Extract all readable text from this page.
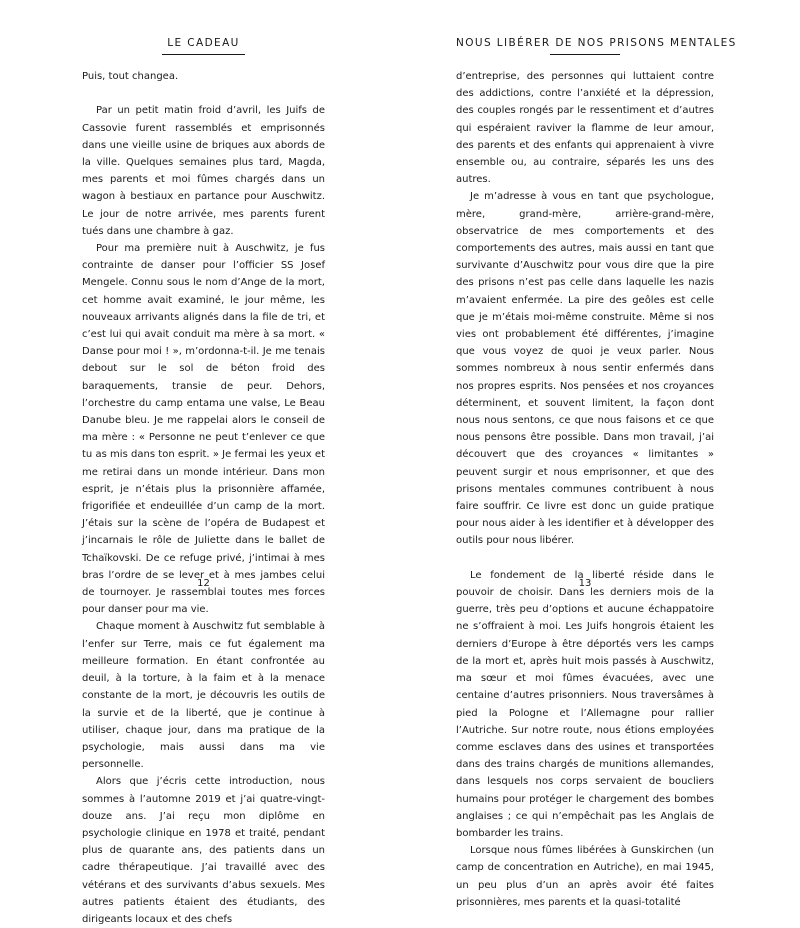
LE CADEAU

Puis, tout changea.

Par un petit matin froid d’avril, les Juifs de Cassovie furent rassemblés et emprisonnés dans une vieille usine de briques aux abords de la ville. Quelques semaines plus tard, Magda, mes parents et moi fûmes chargés dans un wagon à bestiaux en partance pour Auschwitz. Le jour de notre arrivée, mes parents furent tués dans une chambre à gaz.

Pour ma première nuit à Auschwitz, je fus contrainte de danser pour l’officier SS Josef Mengele. Connu sous le nom d’Ange de la mort, cet homme avait examiné, le jour même, les nouveaux arrivants alignés dans la file de tri, et c’est lui qui avait conduit ma mère à sa mort. « Danse pour moi ! », m’ordonna-t-il. Je me tenais debout sur le sol de béton froid des baraquements, transie de peur. Dehors, l’orchestre du camp entama une valse, Le Beau Danube bleu. Je me rappelai alors le conseil de ma mère : « Personne ne peut t’enlever ce que tu as mis dans ton esprit. » Je fermai les yeux et me retirai dans un monde intérieur. Dans mon esprit, je n’étais plus la prisonnière affamée, frigorifiée et endeuillée d’un camp de la mort. J’étais sur la scène de l’opéra de Budapest et j’incarnais le rôle de Juliette dans le ballet de Tchaïkovski. De ce refuge privé, j’intimai à mes bras l’ordre de se lever et à mes jambes celui de tournoyer. Je rassemblai toutes mes forces pour danser pour ma vie.

Chaque moment à Auschwitz fut semblable à l’enfer sur Terre, mais ce fut également ma meilleure formation. En étant confrontée au deuil, à la torture, à la faim et à la menace constante de la mort, je découvris les outils de la survie et de la liberté, que je continue à utiliser, chaque jour, dans ma pratique de la psychologie, mais aussi dans ma vie personnelle.

Alors que j’écris cette introduction, nous sommes à l’automne 2019 et j’ai quatre-vingt-douze ans. J’ai reçu mon diplôme en psychologie clinique en 1978 et traité, pendant plus de quarante ans, des patients dans un cadre thérapeutique. J’ai travaillé avec des vétérans et des survivants d’abus sexuels. Mes autres patients étaient des étudiants, des dirigeants locaux et des chefs

12
NOUS LIBÉRER DE NOS PRISONS MENTALES

d’entreprise, des personnes qui luttaient contre des addictions, contre l’anxiété et la dépression, des couples rongés par le ressentiment et d’autres qui espéraient raviver la flamme de leur amour, des parents et des enfants qui apprenaient à vivre ensemble ou, au contraire, séparés les uns des autres.

Je m’adresse à vous en tant que psychologue, mère, grand-mère, arrière-grand-mère, observatrice de mes comportements et des comportements des autres, mais aussi en tant que survivante d’Auschwitz pour vous dire que la pire des prisons n’est pas celle dans laquelle les nazis m’avaient enfermée. La pire des geôles est celle que je m’étais moi-même construite. Même si nos vies ont probablement été différentes, j’imagine que vous voyez de quoi je veux parler. Nous sommes nombreux à nous sentir enfermés dans nos propres esprits. Nos pensées et nos croyances déterminent, et souvent limitent, la façon dont nous nous sentons, ce que nous faisons et ce que nous pensons être possible. Dans mon travail, j’ai découvert que des croyances « limitantes » peuvent surgir et nous emprisonner, et que des prisons mentales communes contribuent à nous faire souffrir. Ce livre est donc un guide pratique pour nous aider à les identifier et à développer des outils pour nous libérer.

Le fondement de la liberté réside dans le pouvoir de choisir. Dans les derniers mois de la guerre, très peu d’options et aucune échappatoire ne s’offraient à moi. Les Juifs hongrois étaient les derniers d’Europe à être déportés vers les camps de la mort et, après huit mois passés à Auschwitz, ma sœur et moi fûmes évacuées, avec une centaine d’autres prisonniers. Nous traversâmes à pied la Pologne et l’Allemagne pour rallier l’Autriche. Sur notre route, nous étions employées comme esclaves dans des usines et transportées dans des trains chargés de munitions allemandes, dans lesquels nos corps servaient de boucliers humains pour protéger le chargement des bombes anglaises ; ce qui n’empêchait pas les Anglais de bombarder les trains.

Lorsque nous fûmes libérées à Gunskirchen (un camp de concentration en Autriche), en mai 1945, un peu plus d’un an après avoir été faites prisonnières, mes parents et la quasi-totalité

13
